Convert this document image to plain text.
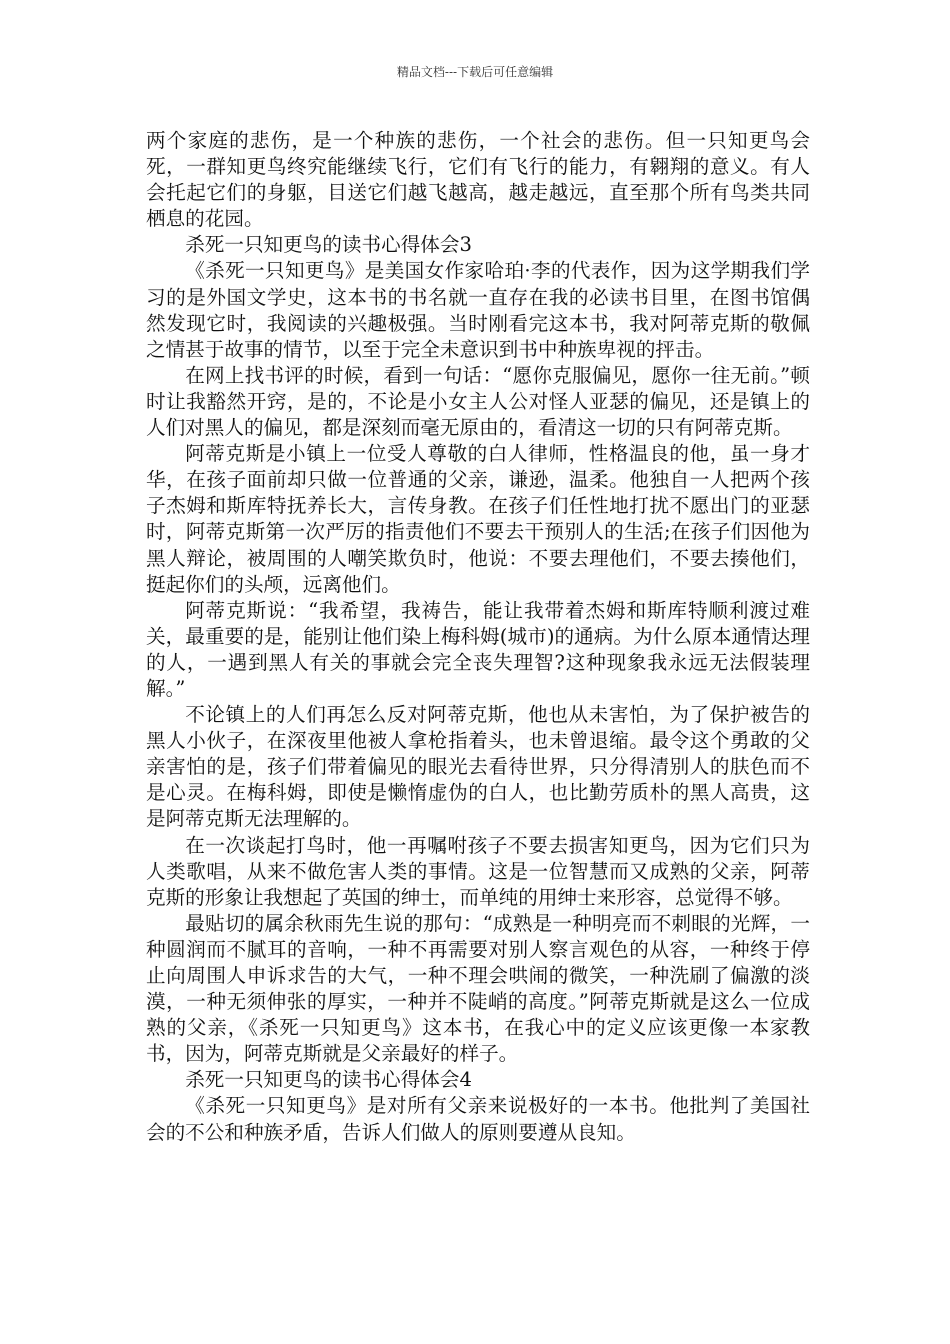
精品文档---下载后可任意编辑

两个家庭的悲伤，是一个种族的悲伤，一个社会的悲伤。但一只知更鸟会死，一群知更鸟终究能继续飞行，它们有飞行的能力，有翱翔的意义。有人会托起它们的身躯，目送它们越飞越高，越走越远，直至那个所有鸟类共同栖息的花园。

杀死一只知更鸟的读书心得体会3

《杀死一只知更鸟》是美国女作家哈珀·李的代表作，因为这学期我们学习的是外国文学史，这本书的书名就一直存在我的必读书目里，在图书馆偶然发现它时，我阅读的兴趣极强。当时刚看完这本书，我对阿蒂克斯的敬佩之情甚于故事的情节，以至于完全未意识到书中种族卑视的抨击。

在网上找书评的时候，看到一句话：“愿你克服偏见，愿你一往无前。”顿时让我豁然开窍，是的，不论是小女主人公对怪人亚瑟的偏见，还是镇上的人们对黑人的偏见，都是深刻而毫无原由的，看清这一切的只有阿蒂克斯。

阿蒂克斯是小镇上一位受人尊敬的白人律师，性格温良的他，虽一身才华，在孩子面前却只做一位普通的父亲，谦逊，温柔。他独自一人把两个孩子杰姆和斯库特抚养长大，言传身教。在孩子们任性地打扰不愿出门的亚瑟时，阿蒂克斯第一次严厉的指责他们不要去干预别人的生活;在孩子们因他为黑人辩论，被周围的人嘲笑欺负时，他说：不要去理他们，不要去揍他们，挺起你们的头颅，远离他们。

阿蒂克斯说：“我希望，我祷告，能让我带着杰姆和斯库特顺利渡过难关，最重要的是，能别让他们染上梅科姆(城市)的通病。为什么原本通情达理的人，一遇到黑人有关的事就会完全丧失理智?这种现象我永远无法假装理解。”

不论镇上的人们再怎么反对阿蒂克斯，他也从未害怕，为了保护被告的黑人小伙子，在深夜里他被人拿枪指着头，也未曾退缩。最令这个勇敢的父亲害怕的是，孩子们带着偏见的眼光去看待世界，只分得清别人的肤色而不是心灵。在梅科姆，即使是懒惰虚伪的白人，也比勤劳质朴的黑人高贵，这是阿蒂克斯无法理解的。

在一次谈起打鸟时，他一再嘱咐孩子不要去损害知更鸟，因为它们只为人类歌唱，从来不做危害人类的事情。这是一位智慧而又成熟的父亲，阿蒂克斯的形象让我想起了英国的绅士，而单纯的用绅士来形容，总觉得不够。

最贴切的属余秋雨先生说的那句：“成熟是一种明亮而不刺眼的光辉，一种圆润而不腻耳的音响，一种不再需要对别人察言观色的从容，一种终于停止向周围人申诉求告的大气，一种不理会哄闹的微笑，一种洗刷了偏激的淡漠，一种无须伸张的厚实，一种并不陡峭的高度。”阿蒂克斯就是这么一位成熟的父亲，《杀死一只知更鸟》这本书，在我心中的定义应该更像一本家教书，因为，阿蒂克斯就是父亲最好的样子。

杀死一只知更鸟的读书心得体会4

《杀死一只知更鸟》是对所有父亲来说极好的一本书。他批判了美国社会的不公和种族矛盾，告诉人们做人的原则要遵从良知。
